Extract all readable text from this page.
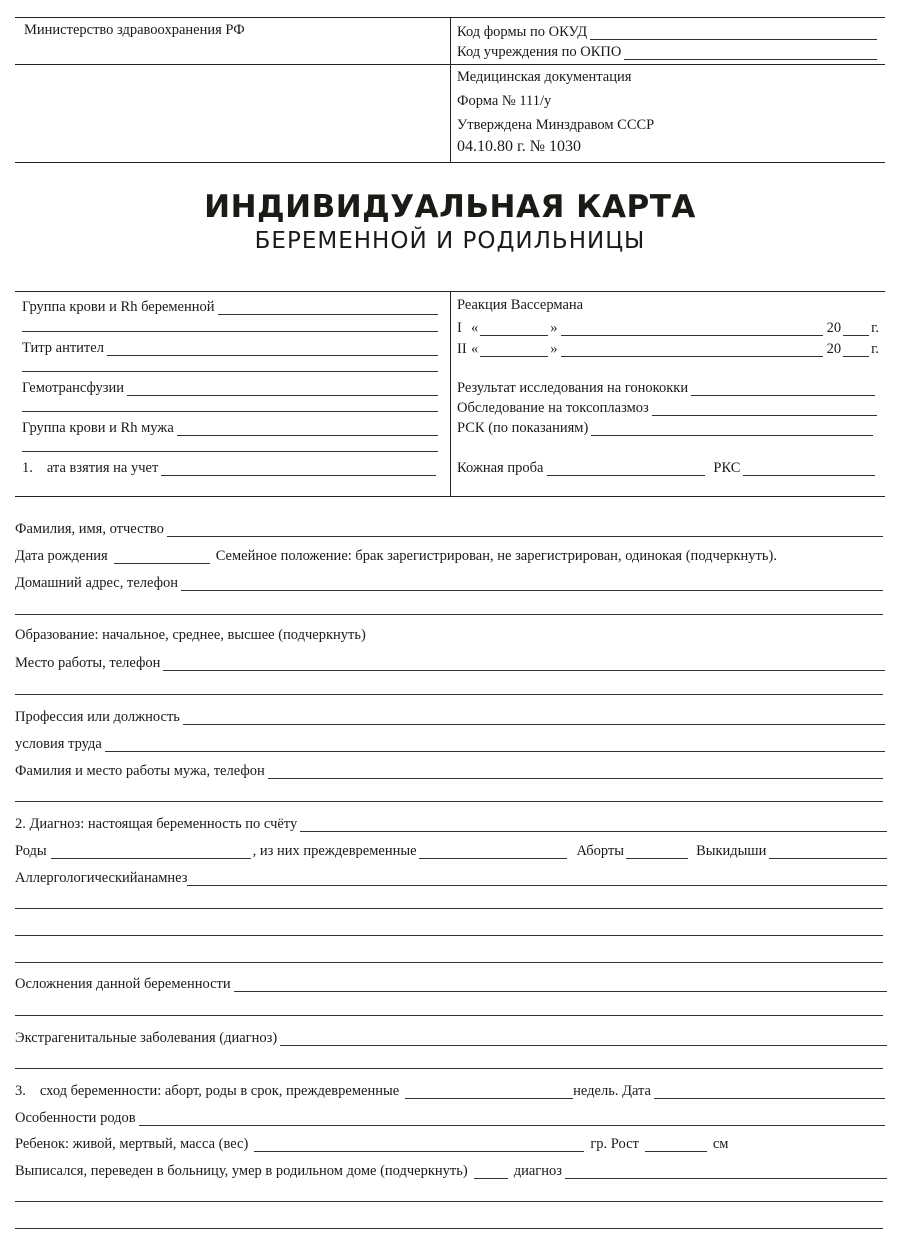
Министерство здравоохранения РФ	Код формы по ОКУД
Код учреждения по ОКПО
Медицинская документация
Форма № 111/у
Утверждена Минздравом СССР
04.10.80 г. № 1030
ИНДИВИДУАЛЬНАЯ КАРТА
БЕРЕМЕННОЙ И РОДИЛЬНИЦЫ
Группа крови и Rh беременной
Титр антител
Гемотрансфузии
Группа крови и Rh мужа
1. ата взятия на учет
Реакция Вассермана
I «	»	20 г.
II «	»	20 г.
Результат исследования на гонококки
Обследование на токсоплазмоз
РСК (по показаниям)
Кожная проба	РКС
Фамилия, имя, отчество
Дата рождения	Семейное положение: брак зарегистрирован, не зарегистрирован, одинокая (подчеркнуть).
Домашний адрес, телефон
Образование: начальное, среднее, высшее (подчеркнуть)
Место работы, телефон
Профессия или должность
условия труда
Фамилия и место работы мужа, телефон
2. Диагноз: настоящая беременность по счёту
Роды	, из них преждевременные	Аборты	Выкидыши
Аллергологическийанамнез
Осложнения данной беременности
Экстрагенитальные заболевания (диагноз)
3. сход беременности: аборт, роды в срок, преждевременные	недель. Дата
Особенности родов
Ребенок: живой, мертвый, масса (вес)	гр. Рост	см
Выписался, переведен в больницу, умер в родильном доме (подчеркнуть)	диагноз
